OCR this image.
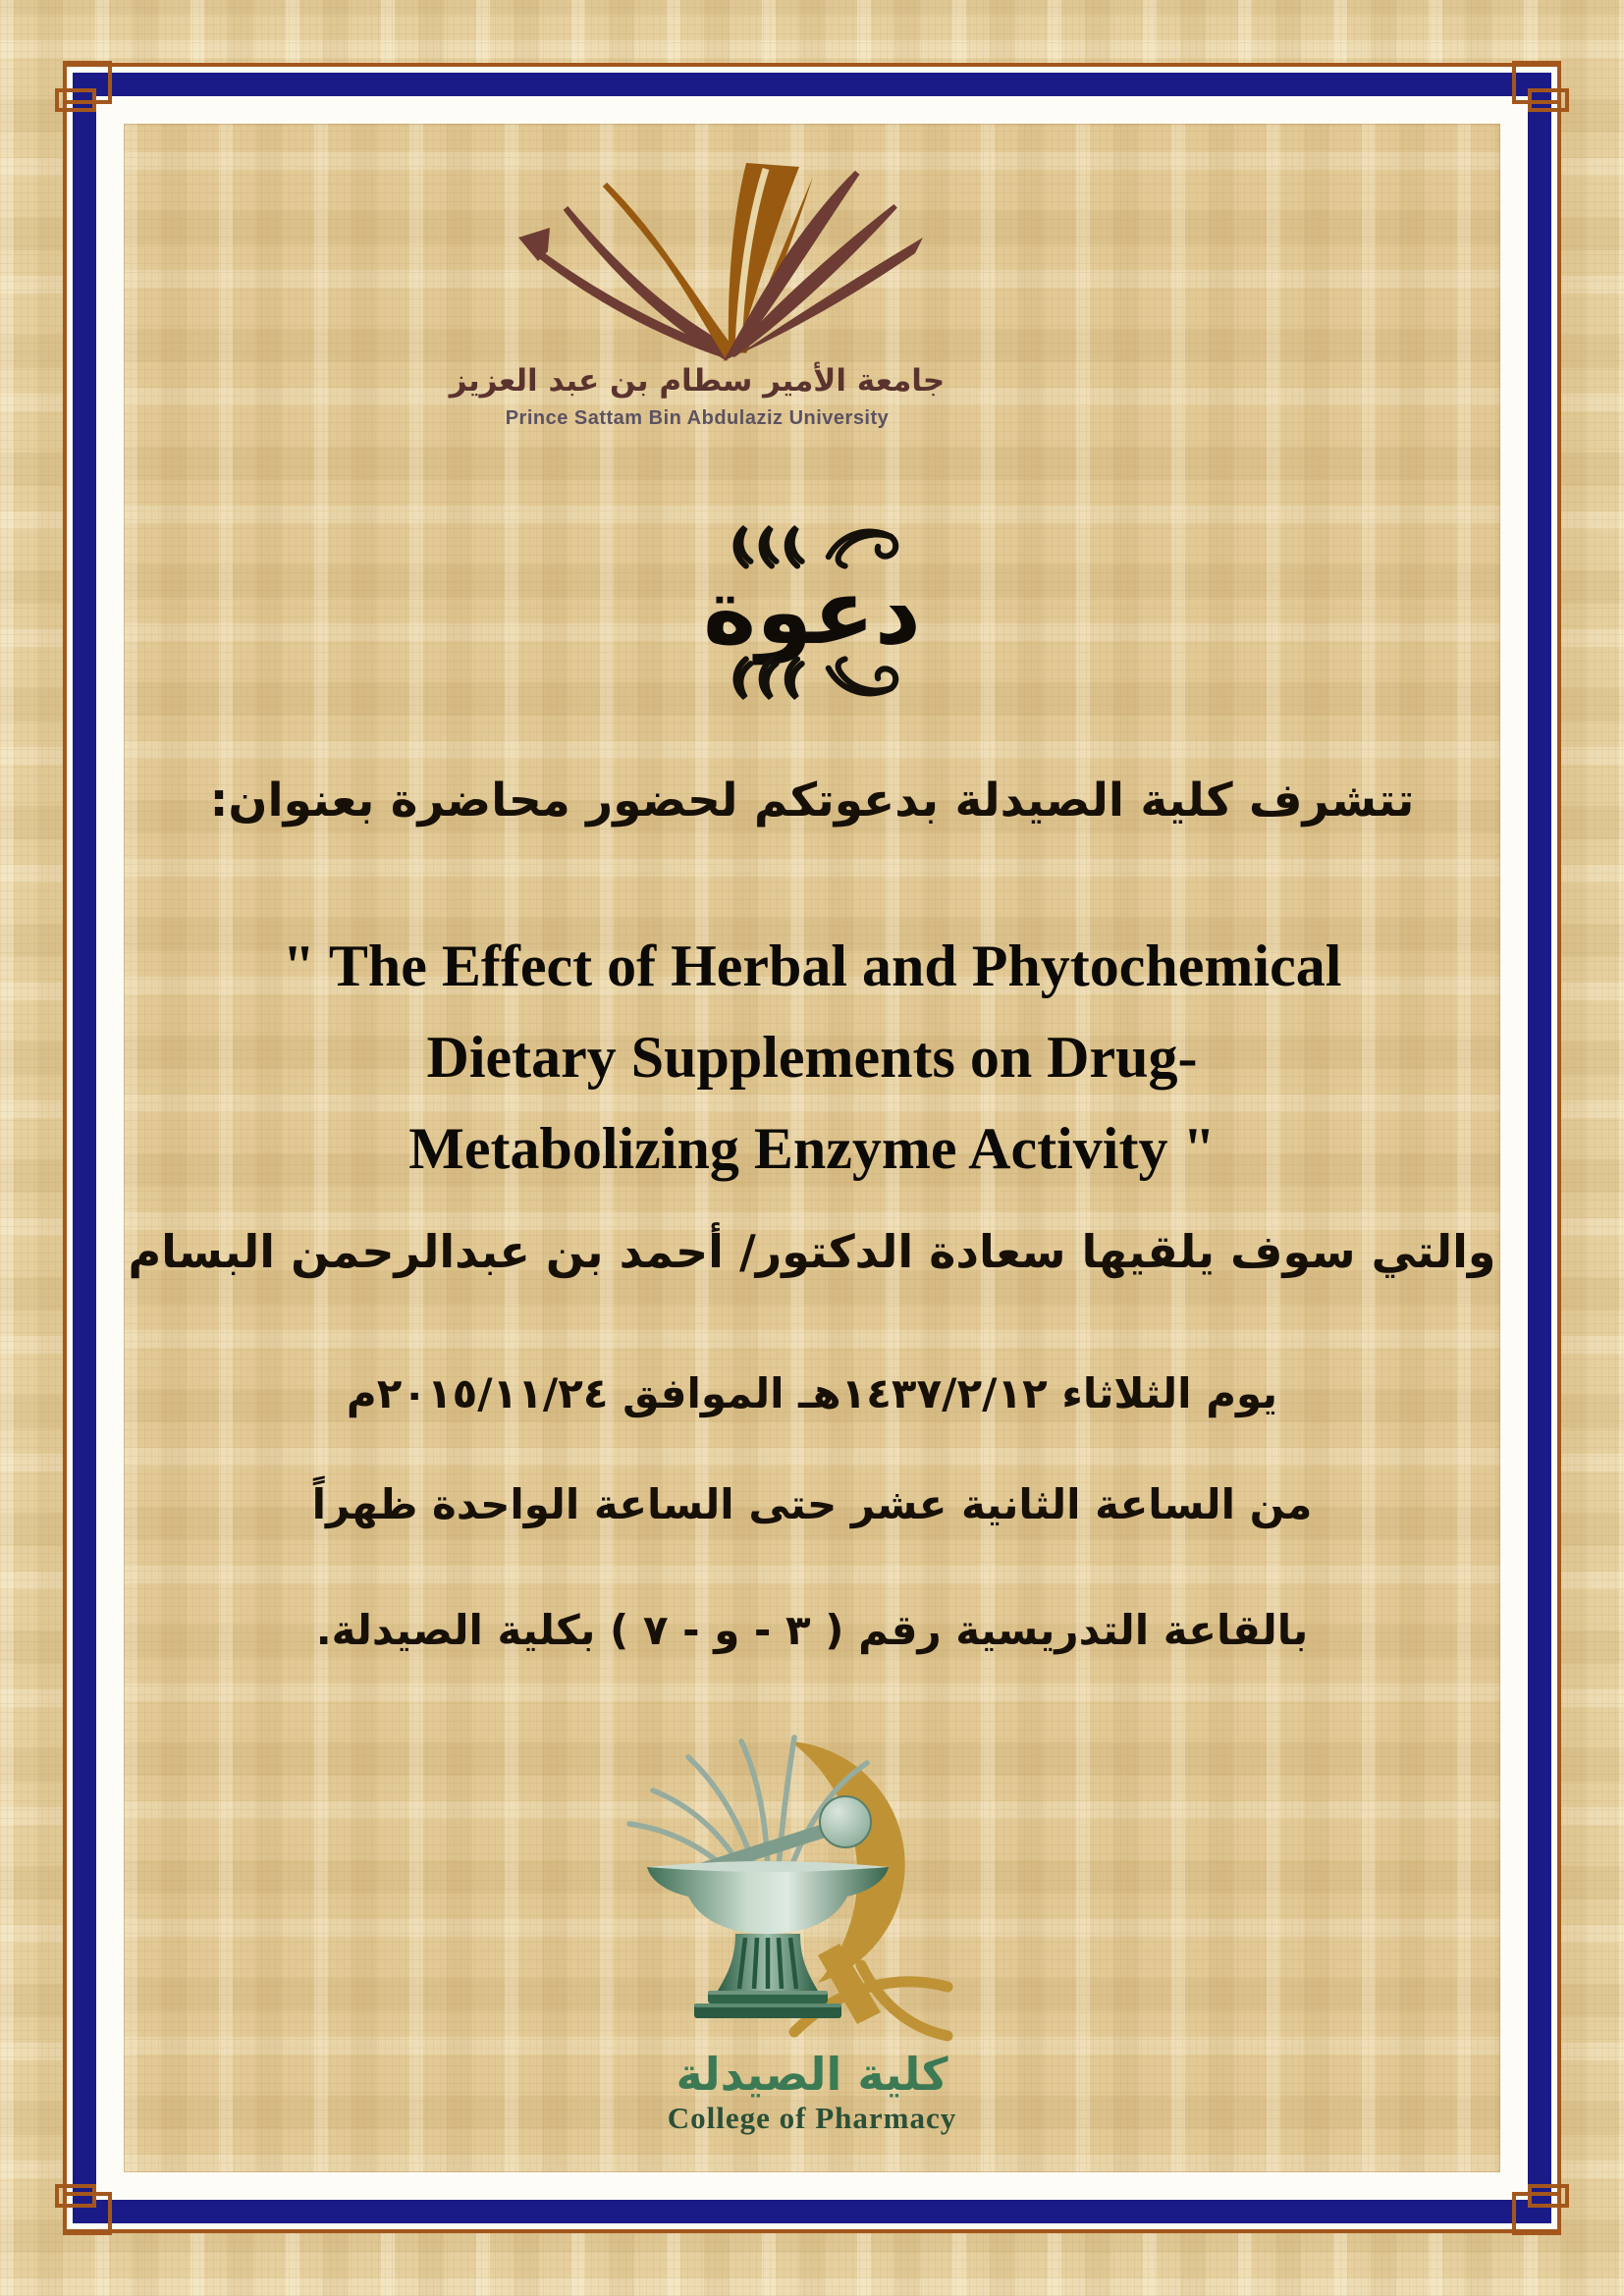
جامعة الأمير سطام بن عبد العزيز
Prince Sattam Bin Abdulaziz University
دعوة
تتشرف كلية الصيدلة بدعوتكم لحضور محاضرة بعنوان:
" The Effect of Herbal and Phytochemical
Dietary Supplements on Drug-
Metabolizing Enzyme Activity "
والتي سوف يلقيها سعادة الدكتور/ أحمد بن عبدالرحمن البسام
يوم الثلاثاء ١٤٣٧/٢/١٢هـ الموافق ٢٠١٥/١١/٢٤م
من الساعة الثانية عشر حتى الساعة الواحدة ظهراً
بالقاعة التدريسية رقم ( ٣ - و - ٧ ) بكلية الصيدلة.
كلية الصيدلة
College of Pharmacy
